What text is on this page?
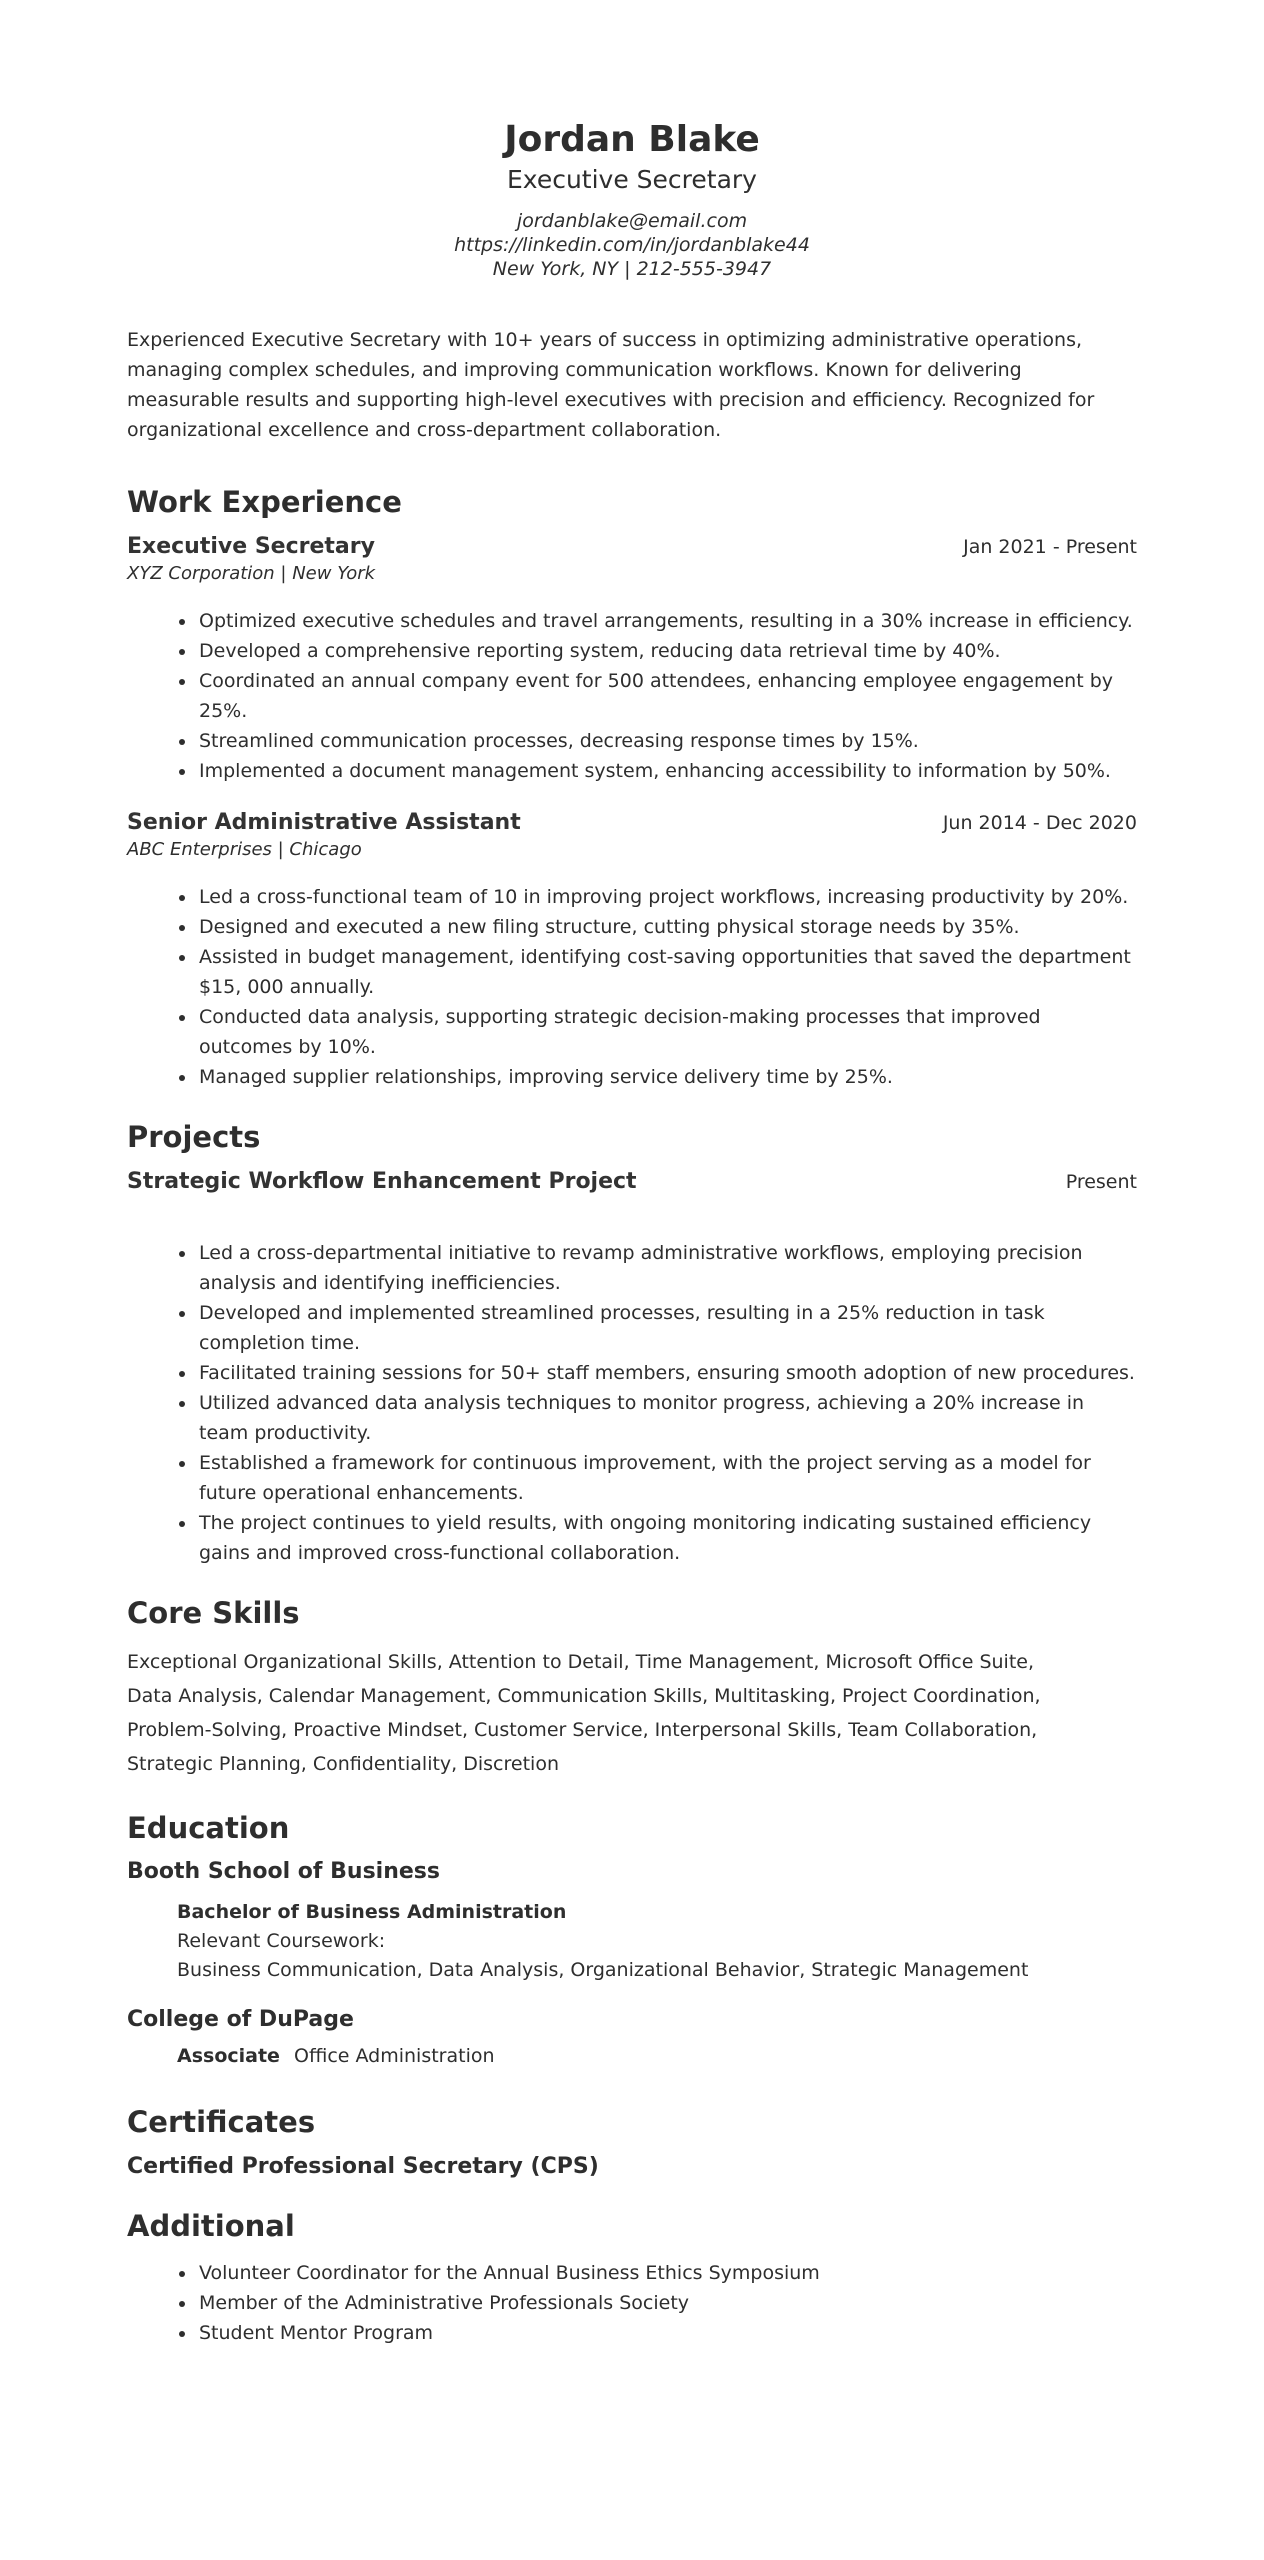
Jordan Blake
Executive Secretary
jordanblake@email.com
https://linkedin.com/in/jordanblake44
New York, NY | 212-555-3947
Experienced Executive Secretary with 10+ years of success in optimizing administrative operations, managing complex schedules, and improving communication workflows. Known for delivering measurable results and supporting high-level executives with precision and efficiency. Recognized for organizational excellence and cross-department collaboration.
Work Experience
Executive Secretary	Jan 2021 - Present
XYZ Corporation | New York
• Optimized executive schedules and travel arrangements, resulting in a 30% increase in efficiency.
• Developed a comprehensive reporting system, reducing data retrieval time by 40%.
• Coordinated an annual company event for 500 attendees, enhancing employee engagement by 25%.
• Streamlined communication processes, decreasing response times by 15%.
• Implemented a document management system, enhancing accessibility to information by 50%.
Senior Administrative Assistant	Jun 2014 - Dec 2020
ABC Enterprises | Chicago
• Led a cross-functional team of 10 in improving project workflows, increasing productivity by 20%.
• Designed and executed a new filing structure, cutting physical storage needs by 35%.
• Assisted in budget management, identifying cost-saving opportunities that saved the department $15, 000 annually.
• Conducted data analysis, supporting strategic decision-making processes that improved outcomes by 10%.
• Managed supplier relationships, improving service delivery time by 25%.
Projects
Strategic Workflow Enhancement Project	Present
• Led a cross-departmental initiative to revamp administrative workflows, employing precision analysis and identifying inefficiencies.
• Developed and implemented streamlined processes, resulting in a 25% reduction in task completion time.
• Facilitated training sessions for 50+ staff members, ensuring smooth adoption of new procedures.
• Utilized advanced data analysis techniques to monitor progress, achieving a 20% increase in team productivity.
• Established a framework for continuous improvement, with the project serving as a model for future operational enhancements.
• The project continues to yield results, with ongoing monitoring indicating sustained efficiency gains and improved cross-functional collaboration.
Core Skills
Exceptional Organizational Skills, Attention to Detail, Time Management, Microsoft Office Suite, Data Analysis, Calendar Management, Communication Skills, Multitasking, Project Coordination, Problem-Solving, Proactive Mindset, Customer Service, Interpersonal Skills, Team Collaboration, Strategic Planning, Confidentiality, Discretion
Education
Booth School of Business
Bachelor of Business Administration
Relevant Coursework:
Business Communication, Data Analysis, Organizational Behavior, Strategic Management
College of DuPage
Associate Office Administration
Certificates
Certified Professional Secretary (CPS)
Additional
• Volunteer Coordinator for the Annual Business Ethics Symposium
• Member of the Administrative Professionals Society
• Student Mentor Program
